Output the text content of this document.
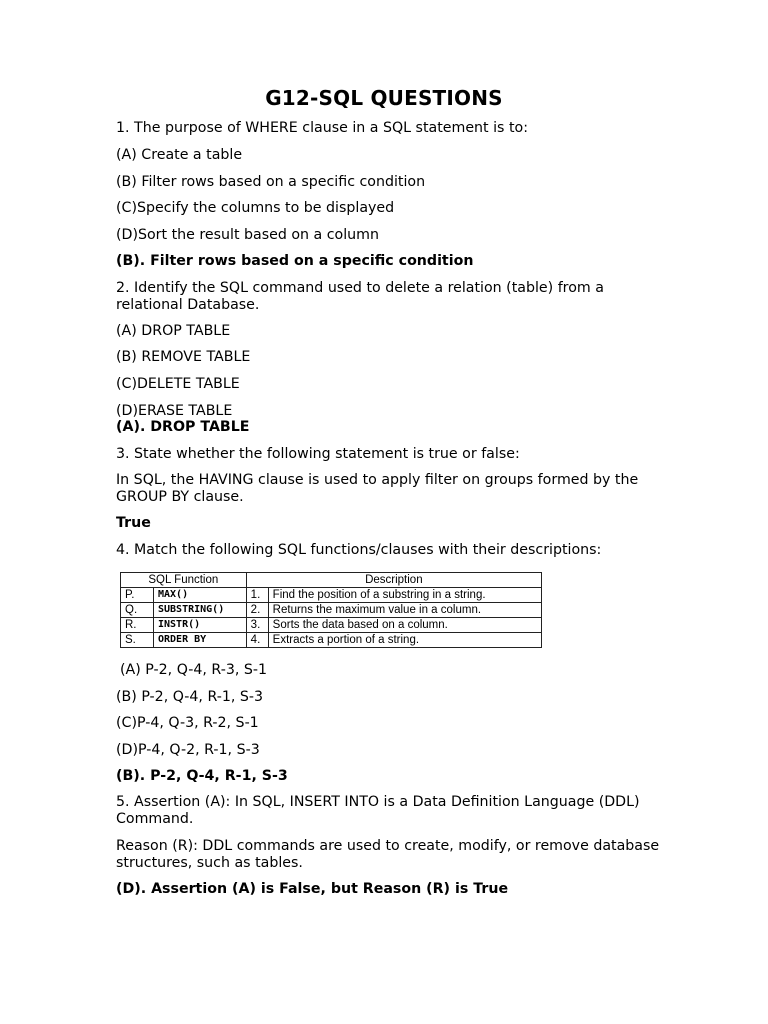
G12-SQL QUESTIONS
1. The purpose of WHERE clause in a SQL statement is to:
(A) Create a table
(B) Filter rows based on a specific condition
(C)Specify the columns to be displayed
(D)Sort the result based on a column
(B). Filter rows based on a specific condition
2. Identify the SQL command used to delete a relation (table) from a relational Database.
(A) DROP TABLE
(B) REMOVE TABLE
(C)DELETE TABLE
(D)ERASE TABLE
(A). DROP TABLE
3. State whether the following statement is true or false:
In SQL, the HAVING clause is used to apply filter on groups formed by the GROUP BY clause.
True
4. Match the following SQL functions/clauses with their descriptions:
SQL Function		Description	
P.	MAX()	1.	Find the position of a substring in a string.
Q.	SUBSTRING()	2.	Returns the maximum value in a column.
R.	INSTR()	3.	Sorts the data based on a column.
S.	ORDER BY	4.	Extracts a portion of a string.
(A) P-2, Q-4, R-3, S-1
(B) P-2, Q-4, R-1, S-3
(C)P-4, Q-3, R-2, S-1
(D)P-4, Q-2, R-1, S-3
(B). P-2, Q-4, R-1, S-3
5. Assertion (A): In SQL, INSERT INTO is a Data Definition Language (DDL) Command.
Reason (R): DDL commands are used to create, modify, or remove database structures, such as tables.
(D). Assertion (A) is False, but Reason (R) is True
